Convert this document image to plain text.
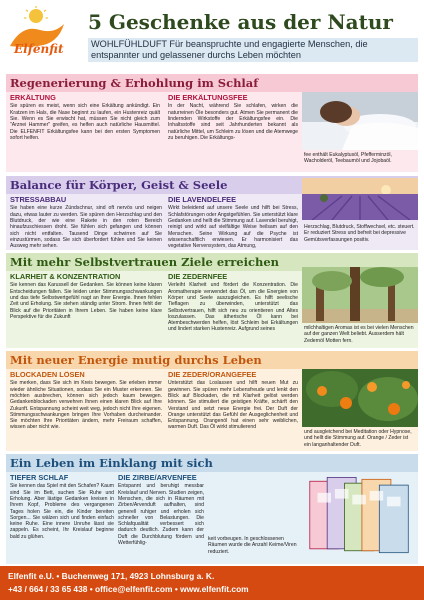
Elfenfit
5 Geschenke aus der Natur
WOHLFÜHLDUFT Für beanspruchte und engagierte Menschen, die entspannter und gelassener durchs Leben möchten
Regenerierung & Erhohlung im Schlaf
ERKÄLTUNG
Sie spüren es meist, wenn sich eine Erkältung ankündigt. Ein Kratzen im Hals, die Nase beginnt zu laufen, ein Hustenreiz quält Sie. Wenn es Sie erwischt hat, müssen Sie nicht gleich zum "Arznei Hammer" greifen, es helfen auch natürliche Hausmittel. Die ELFENFIT Erkältungsfee kann bei den ersten Symptomen sofort helfen.
DIE ERKÄLTUNGSFEE
In der Nacht, während Sie schlafen, wirken die naturreinen Öle besonders gut. Atmen Sie permanent die lindernden Wirkstoffe der Erkältungsfee ein. Die Inhaltsstoffe sind seit Jahrhunderten bekannt als natürliche Mittel, um Schleim zu lösen und die Atemwege zu beruhigen. Die Erkältungs-
fee enthält Eukalyptusöl, Pfefferminzöl, Wacholderöl, Teebaumöl und Jojobaöl.
Balance für Körper, Geist & Seele
STRESSABBAU
Sie haben eine kurze Zündschnur, sind oft nervös und neigen dazu, etwas lauter zu werden. Sie spüren den Herzschlag und den Blutdruck, der wie eine Rakete in den roten Bereich hinaufzuschiessen droht. Sie fühlen sich gefangen und können sich nicht entfalten. Tausend Dinge schwirren auf Sie einzustürmen, sodass Sie sich überfordert fühlen und Sie keinen Ausweg mehr sehen.
DIE LAVENDELFEE
Wirkt beleidend auf unsere Seele und hilft bei Stress, Schlafstörungen oder Angstgefühlen. Sie unterstützt klare Gedanken und hellt die Stimmung auf. Lavendel beruhigt, reinigt und wirkt auf vielfältige Weise heilsam auf den Menschen. Seine Wirkung auf die Psyche ist wissenschaftlich erwiesen. Er harmonisiert das vegetative Nervensystem, das Atmung,
Herzschlag, Blutdruck, Stoffwechsel, etc. steuert. Er reduziert Stress und befreit bei depressive Gemütsverfassungen positiv.
Mit mehr Selbstvertrauen Ziele erreichen
KLARHEIT & KONZENTRATION
Sie kennen das Karussell der Gedanken. Sie können keine klaren Entscheidungen fällen. Sie leiden unter Stimmungsschwankungen und das tiefe Selbstwertgefühl nagt an Ihrer Energie. Ihnen fehlen Zeit und Erholung. Sie stehen ständig unter Strom. Ihnen fehlt der Blick auf die Prioritäten in Ihrem Leben. Sie haben keine klare Perspektive für die Zukunft
DIE ZEDERNFEE
Verleiht Klarheit und fördert die Konzentration. Die Aromatherapie verwendet das Öl, um die Energien von Körper und Seele auszugleichen. Es hilft seelische Tieflagen zu überwinden, unterstützt das Selbstvertrauen, hilft sich neu zu orientieren und Altes loszulassen. Das ätherische Öl kann bei Atembeschwerden helfen, löst Schleim bei Erkältungen und lindert starken Hustenreiz. Aufgrund seines	milchhaltigen Aromas ist es bei vielen Menschen auf der ganzen Welt beliebt. Ausserdem hält Zedernöl Motten fern.
Mit neuer Energie mutig durchs Leben
BLOCKADEN LÖSEN
Sie merken, dass Sie sich im Kreis bewegen. Sie erleben immer wieder ähnliche Situationen, sodass Sie ein Muster erkennen. Sie möchten ausbrechen, können sich jedoch kaum bewegen. Gedankenblockaden verwehren Ihnen einen klaren Blick auf Ihre Zukunft. Entspannung scheint weit weg, jedoch nicht Ihre eigenen. Stimmungsschwankungen bringen Ihre Vorhaben durcheinander. Sie möchten Ihre Prioritäten ändern, mehr Freiraum schaffen, wissen aber nicht wie.
DIE ZEDER/ORANGEFEE
Unterstützt das Loslassen und hilft neuen Mut zu gewinnen. Sie spüren mehr Lebensfreude und lenkt den Blick auf Blockaden, die mit Klarheit gelöst werden können. Sie stimuliert die geistigen Kräfte, schärft den Verstand und setzt neue Energie frei. Der Duft der Orange unterstützt das Gefühl der Ausgeglichenheit und Entspannung. Orangenöl hat einen sehr weiblichen, warmen Duft. Das Öl wirkt stimulierend
und ausgleichend bei Meditation oder Hypnose, und hellt die Stimmung auf. Orange / Zeder ist ein langanhaltender Duft.
Ein Leben im Einklang mit sich
TIEFER SCHLAF
Sie kennen das Spiel mit den Schafen? Kaum sind Sie im Bett, suchen Sie Ruhe und Erholung. Aber lästige Gedanken kreisen in Ihrem Kopf, Probleme des vergangenen Tages holen Sie ein, die Kinder bereiten Sorgen... Sie wälzen sich und finden einfach keine Ruhe. Eine innere Unruhe lässt sie zappeln. Es scheint, Ihr Kreislauf beginne bald zu glühen.
DIE ZIRBE/ARVENFEE
Entspannt und beruhigt messbar Kreislauf und Nerven. Studien zeigen, Menschen, die sich in Räumen mit Zirben/Arvenduft aufhalten, sind generell ruhiger und erholen sich schneller von Belastungen. Die Schlafqualität verbessert sich dadurch deutlich. Zudem kann der Duft die Durchblutung fördern und Wetterfühlig-
keit vorbeugen. In geschlossenen Räumen wurde die Anzahl Keime/Viren reduziert.
Elfenfit e.U. • Buchenweg 171, 4923 Lohnsburg a. K.
+43 / 664 / 33 65 438 • office@elfenfit.com • www.elfenfit.com
